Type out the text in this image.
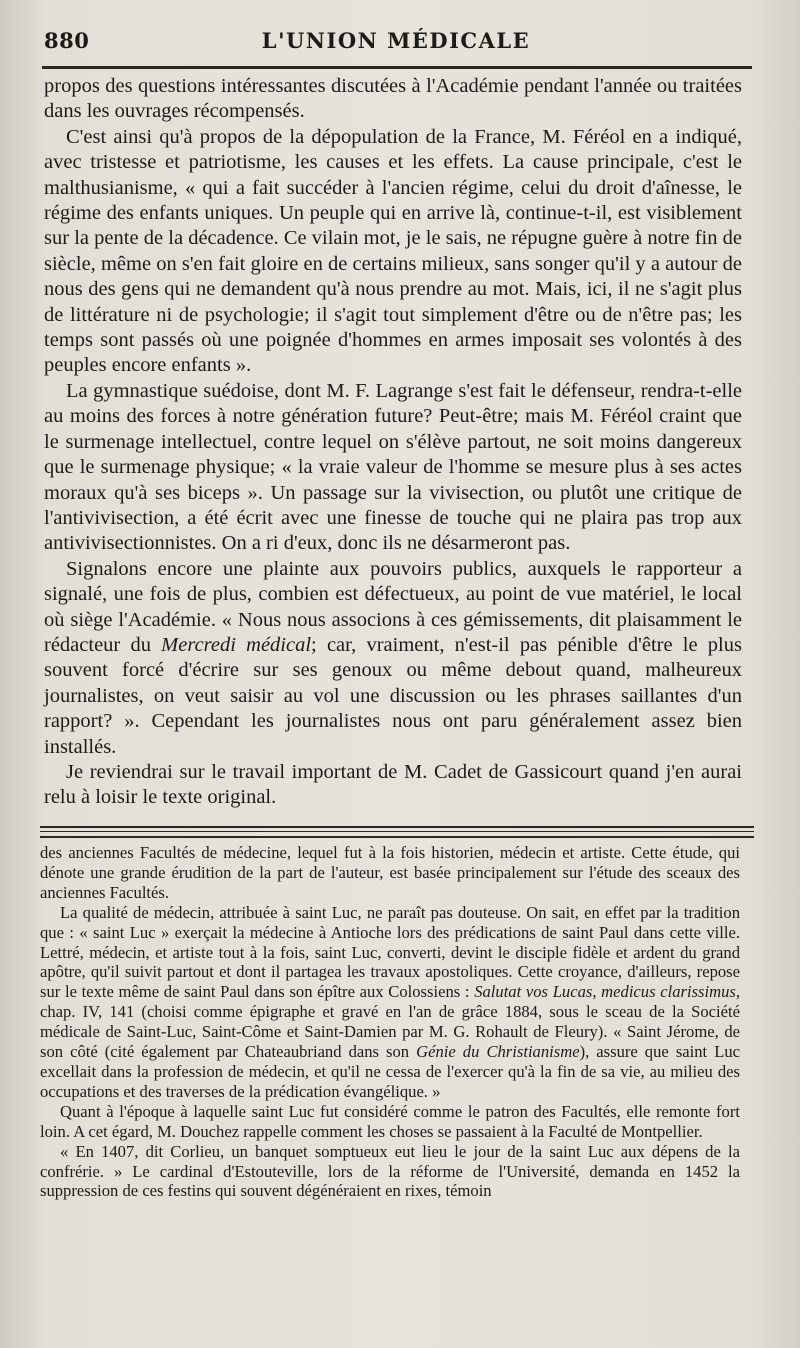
880	L'UNION MÉDICALE

propos des questions intéressantes discutées à l'Académie pendant l'année ou traitées dans les ouvrages récompensés.

C'est ainsi qu'à propos de la dépopulation de la France, M. Féréol en a indiqué, avec tristesse et patriotisme, les causes et les effets. La cause principale, c'est le malthusianisme, « qui a fait succéder à l'ancien régime, celui du droit d'aînesse, le régime des enfants uniques. Un peuple qui en arrive là, continue-t-il, est visiblement sur la pente de la décadence. Ce vilain mot, je le sais, ne répugne guère à notre fin de siècle, même on s'en fait gloire en de certains milieux, sans songer qu'il y a autour de nous des gens qui ne demandent qu'à nous prendre au mot. Mais, ici, il ne s'agit plus de littérature ni de psychologie; il s'agit tout simplement d'être ou de n'être pas; les temps sont passés où une poignée d'hommes en armes imposait ses volontés à des peuples encore enfants ».

La gymnastique suédoise, dont M. F. Lagrange s'est fait le défenseur, rendra-t-elle au moins des forces à notre génération future? Peut-être; mais M. Féréol craint que le surmenage intellectuel, contre lequel on s'élève partout, ne soit moins dangereux que le surmenage physique; « la vraie valeur de l'homme se mesure plus à ses actes moraux qu'à ses biceps ». Un passage sur la vivisection, ou plutôt une critique de l'antivivisection, a été écrit avec une finesse de touche qui ne plaira pas trop aux antivivisectionnistes. On a ri d'eux, donc ils ne désarmeront pas.

Signalons encore une plainte aux pouvoirs publics, auxquels le rapporteur a signalé, une fois de plus, combien est défectueux, au point de vue matériel, le local où siège l'Académie. « Nous nous associons à ces gémissements, dit plaisamment le rédacteur du Mercredi médical; car, vraiment, n'est-il pas pénible d'être le plus souvent forcé d'écrire sur ses genoux ou même debout quand, malheureux journalistes, on veut saisir au vol une discussion ou les phrases saillantes d'un rapport? ». Cependant les journalistes nous ont paru généralement assez bien installés.

Je reviendrai sur le travail important de M. Cadet de Gassicourt quand j'en aurai relu à loisir le texte original.

des anciennes Facultés de médecine, lequel fut à la fois historien, médecin et artiste. Cette étude, qui dénote une grande érudition de la part de l'auteur, est basée principalement sur l'étude des sceaux des anciennes Facultés.

La qualité de médecin, attribuée à saint Luc, ne paraît pas douteuse. On sait, en effet par la tradition que : « saint Luc » exerçait la médecine à Antioche lors des prédications de saint Paul dans cette ville. Lettré, médecin, et artiste tout à la fois, saint Luc, converti, devint le disciple fidèle et ardent du grand apôtre, qu'il suivit partout et dont il partagea les travaux apostoliques. Cette croyance, d'ailleurs, repose sur le texte même de saint Paul dans son épître aux Colossiens : Salutat vos Lucas, medicus clarissimus, chap. IV, 141 (choisi comme épigraphe et gravé en l'an de grâce 1884, sous le sceau de la Société médicale de Saint-Luc, Saint-Côme et Saint-Damien par M. G. Rohault de Fleury). « Saint Jérome, de son côté (cité également par Chateaubriand dans son Génie du Christianisme), assure que saint Luc excellait dans la profession de médecin, et qu'il ne cessa de l'exercer qu'à la fin de sa vie, au milieu des occupations et des traverses de la prédication évangélique. »

Quant à l'époque à laquelle saint Luc fut considéré comme le patron des Facultés, elle remonte fort loin. A cet égard, M. Douchez rappelle comment les choses se passaient à la Faculté de Montpellier.

« En 1407, dit Corlieu, un banquet somptueux eut lieu le jour de la saint Luc aux dépens de la confrérie. » Le cardinal d'Estouteville, lors de la réforme de l'Université, demanda en 1452 la suppression de ces festins qui souvent dégénéraient en rixes, témoin
